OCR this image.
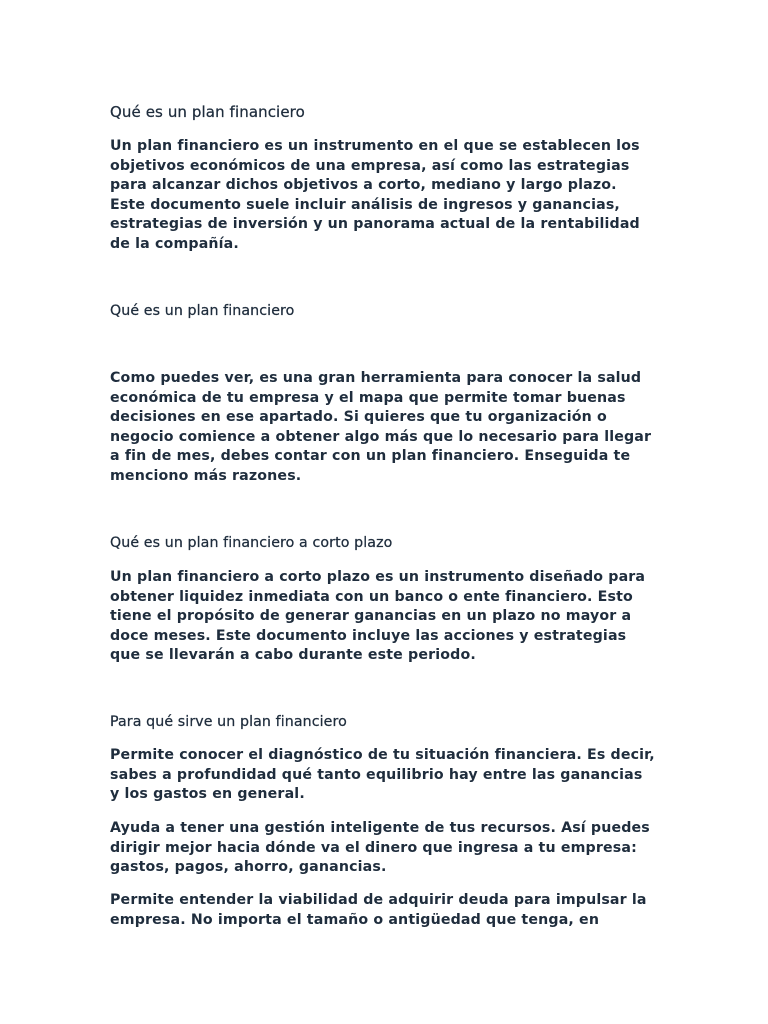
Qué es un plan financiero

Un plan financiero es un instrumento en el que se establecen los objetivos económicos de una empresa, así como las estrategias para alcanzar dichos objetivos a corto, mediano y largo plazo. Este documento suele incluir análisis de ingresos y ganancias, estrategias de inversión y un panorama actual de la rentabilidad de la compañía.

Qué es un plan financiero

Como puedes ver, es una gran herramienta para conocer la salud económica de tu empresa y el mapa que permite tomar buenas decisiones en ese apartado. Si quieres que tu organización o negocio comience a obtener algo más que lo necesario para llegar a fin de mes, debes contar con un plan financiero. Enseguida te menciono más razones.

Qué es un plan financiero a corto plazo

Un plan financiero a corto plazo es un instrumento diseñado para obtener liquidez inmediata con un banco o ente financiero. Esto tiene el propósito de generar ganancias en un plazo no mayor a doce meses. Este documento incluye las acciones y estrategias que se llevarán a cabo durante este periodo.

Para qué sirve un plan financiero

Permite conocer el diagnóstico de tu situación financiera. Es decir, sabes a profundidad qué tanto equilibrio hay entre las ganancias y los gastos en general.

Ayuda a tener una gestión inteligente de tus recursos. Así puedes dirigir mejor hacia dónde va el dinero que ingresa a tu empresa: gastos, pagos, ahorro, ganancias.

Permite entender la viabilidad de adquirir deuda para impulsar la empresa. No importa el tamaño o antigüedad que tenga, en
